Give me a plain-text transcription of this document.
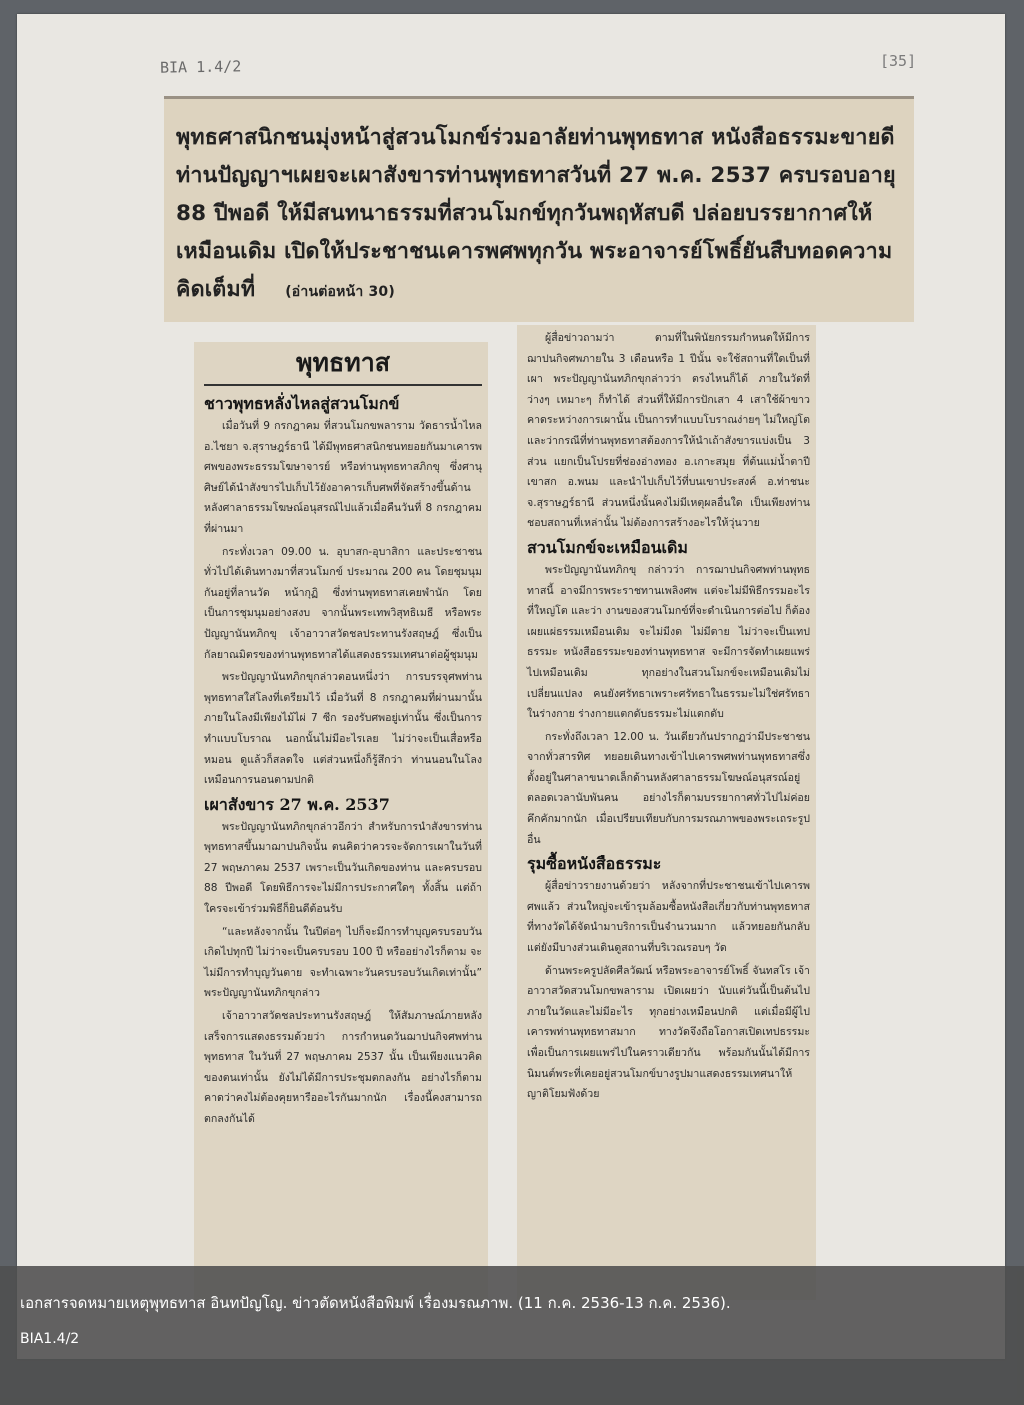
BIA 1.4/2	[35]

พุทธศาสนิกชนมุ่งหน้าสู่สวนโมกข์ร่วมอาลัยท่านพุทธทาส หนังสือธรรมะขายดี ท่านปัญญาฯเผยจะเผาสังขารท่านพุทธทาสวันที่ 27 พ.ค. 2537 ครบรอบอายุ 88 ปีพอดี ให้มีสนทนาธรรมที่สวนโมกข์ทุกวันพฤหัสบดี ปล่อยบรรยากาศให้เหมือนเดิม เปิดให้ประชาชนเคารพศพทุกวัน พระอาจารย์โพธิ์ยันสืบทอดความคิดเต็มที่ (อ่านต่อหน้า 30)

พุทธทาส
ชาวพุทธหลั่งไหลสู่สวนโมกข์

เมื่อวันที่ 9 กรกฎาคม ที่สวนโมกขพลาราม วัดธารน้ำไหล อ.ไชยา จ.สุราษฎร์ธานี ได้มีพุทธศาสนิกชนทยอยกันมาเคารพศพของพระธรรมโฆษาจารย์ หรือท่านพุทธทาสภิกขุ ซึ่งศานุศิษย์ได้นำสังขารไปเก็บไว้ยังอาคารเก็บศพที่จัดสร้างขึ้นด้านหลังศาลาธรรมโฆษณ์อนุสรณ์ไปแล้วเมื่อคืนวันที่ 8 กรกฎาคมที่ผ่านมา

กระทั่งเวลา 09.00 น. อุบาสก-อุบาสิกา และประชาชนทั่วไปได้เดินทางมาที่สวนโมกข์ ประมาณ 200 คน โดยชุมนุมกันอยู่ที่ลานวัด หน้ากุฏิ ซึ่งท่านพุทธทาสเคยพำนัก โดยเป็นการชุมนุมอย่างสงบ จากนั้นพระเทพวิสุทธิเมธี หรือพระปัญญานันทภิกขุ เจ้าอาวาสวัดชลประทานรังสฤษฎ์ ซึ่งเป็นกัลยาณมิตรของท่านพุทธทาสได้แสดงธรรมเทศนาต่อผู้ชุมนุม

พระปัญญานันทภิกขุกล่าวตอนหนึ่งว่า การบรรจุศพท่านพุทธทาสใส่โลงที่เตรียมไว้ เมื่อวันที่ 8 กรกฎาคมที่ผ่านมานั้น ภายในโลงมีเพียงไม้ไผ่ 7 ซีก รองรับศพอยู่เท่านั้น ซึ่งเป็นการทำแบบโบราณ นอกนั้นไม่มีอะไรเลย ไม่ว่าจะเป็นเสื่อหรือหมอน ดูแล้วก็สลดใจ แต่ส่วนหนึ่งก็รู้สึกว่า ท่านนอนในโลงเหมือนการนอนตามปกติ

เผาสังขาร 27 พ.ค. 2537

พระปัญญานันทภิกขุกล่าวอีกว่า สำหรับการนำสังขารท่านพุทธทาสขึ้นมาฌาปนกิจนั้น ตนคิดว่าควรจะจัดการเผาในวันที่ 27 พฤษภาคม 2537 เพราะเป็นวันเกิดของท่าน และครบรอบ 88 ปีพอดี โดยพิธีการจะไม่มีการประกาศใดๆ ทั้งสิ้น แต่ถ้าใครจะเข้าร่วมพิธีก็ยินดีต้อนรับ

“และหลังจากนั้น ในปีต่อๆ ไปก็จะมีการทำบุญครบรอบวันเกิดไปทุกปี ไม่ว่าจะเป็นครบรอบ 100 ปี หรืออย่างไรก็ตาม จะไม่มีการทำบุญวันตาย จะทำเฉพาะวันครบรอบวันเกิดเท่านั้น” พระปัญญานันทภิกขุกล่าว

เจ้าอาวาสวัดชลประทานรังสฤษฎ์ ให้สัมภาษณ์ภายหลังเสร็จการแสดงธรรมด้วยว่า การกำหนดวันฌาปนกิจศพท่านพุทธทาส ในวันที่ 27 พฤษภาคม 2537 นั้น เป็นเพียงแนวคิดของตนเท่านั้น ยังไม่ได้มีการประชุมตกลงกัน อย่างไรก็ตาม คาดว่าคงไม่ต้องคุยหารืออะไรกันมากนัก เรื่องนี้คงสามารถตกลงกันได้

ผู้สื่อข่าวถามว่า ตามที่ในพินัยกรรมกำหนดให้มีการฌาปนกิจศพภายใน 3 เดือนหรือ 1 ปีนั้น จะใช้สถานที่ใดเป็นที่เผา พระปัญญานันทภิกขุกล่าวว่า ตรงไหนก็ได้ ภายในวัดที่ว่างๆ เหมาะๆ ก็ทำได้ ส่วนที่ให้มีการปักเสา 4 เสาใช้ผ้าขาวคาดระหว่างการเผานั้น เป็นการทำแบบโบราณง่ายๆ ไม่ใหญ่โต และว่ากรณีที่ท่านพุทธทาสต้องการให้นำเถ้าสังขารแบ่งเป็น 3 ส่วน แยกเป็นโปรยที่ช่องอ่างทอง อ.เกาะสมุย ที่ต้นแม่น้ำตาปี เขาสก อ.พนม และนำไปเก็บไว้ที่บนเขาประสงค์ อ.ท่าชนะ จ.สุราษฎร์ธานี ส่วนหนึ่งนั้นคงไม่มีเหตุผลอื่นใด เป็นเพียงท่านชอบสถานที่เหล่านั้น ไม่ต้องการสร้างอะไรให้วุ่นวาย

สวนโมกข์จะเหมือนเดิม

พระปัญญานันทภิกขุ กล่าวว่า การฌาปนกิจศพท่านพุทธทาสนี้ อาจมีการพระราชทานเพลิงศพ แต่จะไม่มีพิธีกรรมอะไรที่ใหญ่โต และว่า งานของสวนโมกข์ที่จะดำเนินการต่อไป ก็ต้องเผยแผ่ธรรมเหมือนเดิม จะไม่มีงด ไม่มีตาย ไม่ว่าจะเป็นเทปธรรมะ หนังสือธรรมะของท่านพุทธทาส จะมีการจัดทำเผยแพร่ไปเหมือนเดิม ทุกอย่างในสวนโมกข์จะเหมือนเดิมไม่เปลี่ยนแปลง คนยังศรัทธาเพราะศรัทธาในธรรมะไม่ใช่ศรัทธาในร่างกาย ร่างกายแตกดับธรรมะไม่แตกดับ

กระทั่งถึงเวลา 12.00 น. วันเดียวกันปรากฏว่ามีประชาชนจากทั่วสารทิศ ทยอยเดินทางเข้าไปเคารพศพท่านพุทธทาสซึ่งตั้งอยู่ในศาลาขนาดเล็กด้านหลังศาลาธรรมโฆษณ์อนุสรณ์อยู่ตลอดเวลานับพันคน อย่างไรก็ตามบรรยากาศทั่วไปไม่ค่อยคึกคักมากนัก เมื่อเปรียบเทียบกับการมรณภาพของพระเถระรูปอื่น

รุมซื้อหนังสือธรรมะ

ผู้สื่อข่าวรายงานด้วยว่า หลังจากที่ประชาชนเข้าไปเคารพศพแล้ว ส่วนใหญ่จะเข้ารุมล้อมซื้อหนังสือเกี่ยวกับท่านพุทธทาส ที่ทางวัดได้จัดนำมาบริการเป็นจำนวนมาก แล้วทยอยกันกลับ แต่ยังมีบางส่วนเดินดูสถานที่บริเวณรอบๆ วัด

ด้านพระครูปลัดศีลวัฒน์ หรือพระอาจารย์โพธิ์ จันทสโร เจ้าอาวาสวัดสวนโมกขพลาราม เปิดเผยว่า นับแต่วันนี้เป็นต้นไปภายในวัดและไม่มีอะไร ทุกอย่างเหมือนปกติ แต่เมื่อมีผู้ไปเคารพท่านพุทธทาสมาก ทางวัดจึงถือโอกาสเปิดเทปธรรมะ เพื่อเป็นการเผยแพร่ไปในคราวเดียวกัน พร้อมกันนั้นได้มีการนิมนต์พระที่เคยอยู่สวนโมกข์บางรูปมาแสดงธรรมเทศนาให้ญาติโยมฟังด้วย

เอกสารจดหมายเหตุพุทธทาส อินทปัญโญ. ข่าวตัดหนังสือพิมพ์ เรื่องมรณภาพ. (11 ก.ค. 2536-13 ก.ค. 2536).
BIA1.4/2
